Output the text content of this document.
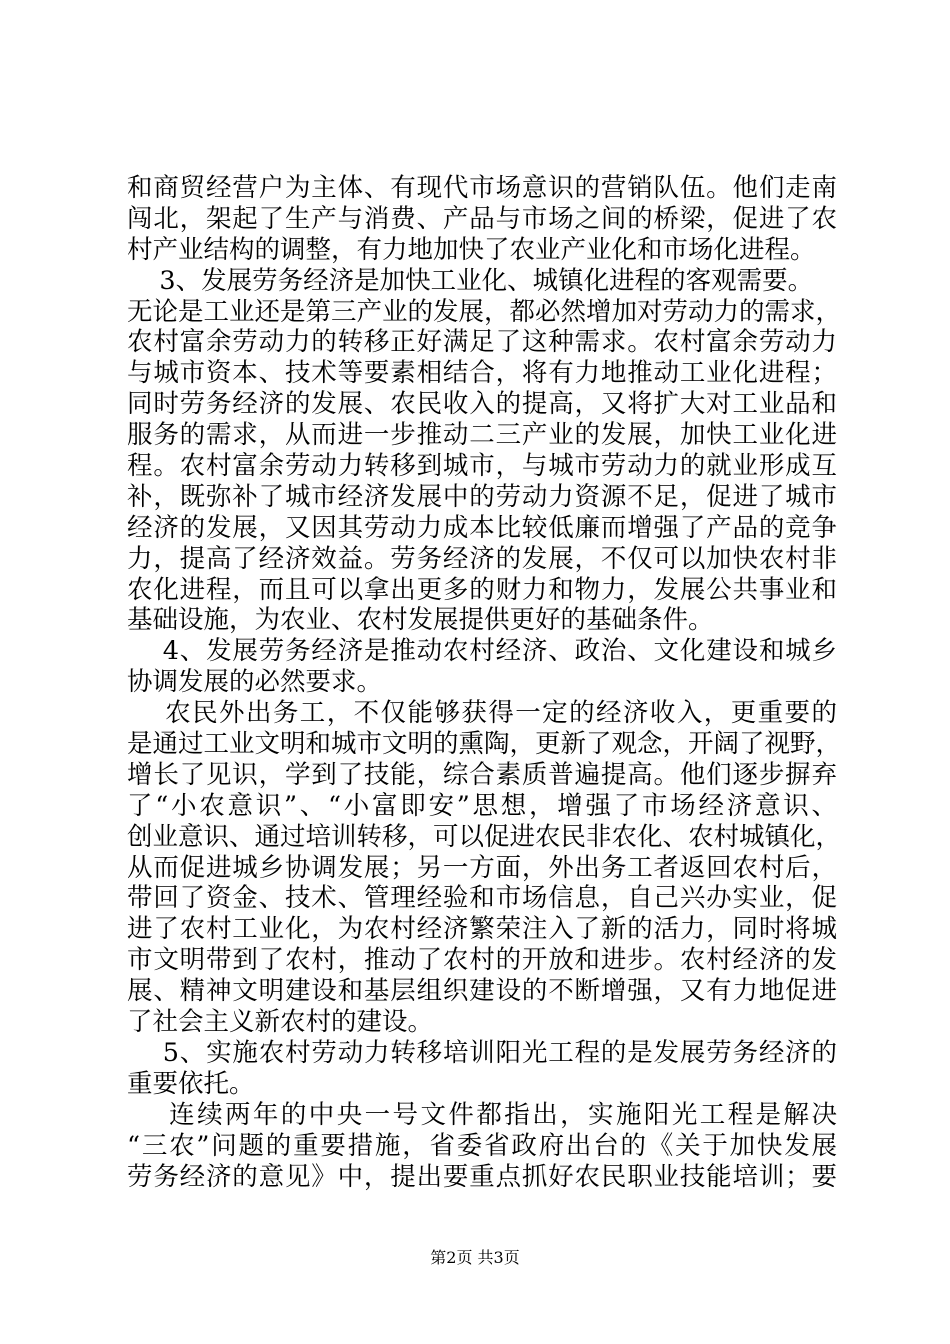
和商贸经营户为主体、有现代市场意识的营销队伍。他们走南
闯北，架起了生产与消费、产品与市场之间的桥梁，促进了农
村产业结构的调整，有力地加快了农业产业化和市场化进程。
3、发展劳务经济是加快工业化、城镇化进程的客观需要。
无论是工业还是第三产业的发展，都必然增加对劳动力的需求，
农村富余劳动力的转移正好满足了这种需求。农村富余劳动力
与城市资本、技术等要素相结合，将有力地推动工业化进程；
同时劳务经济的发展、农民收入的提高，又将扩大对工业品和
服务的需求，从而进一步推动二三产业的发展，加快工业化进
程。农村富余劳动力转移到城市，与城市劳动力的就业形成互
补，既弥补了城市经济发展中的劳动力资源不足，促进了城市
经济的发展，又因其劳动力成本比较低廉而增强了产品的竞争
力，提高了经济效益。劳务经济的发展，不仅可以加快农村非
农化进程，而且可以拿出更多的财力和物力，发展公共事业和
基础设施，为农业、农村发展提供更好的基础条件。
4、发展劳务经济是推动农村经济、政治、文化建设和城乡
协调发展的必然要求。
农民外出务工，不仅能够获得一定的经济收入，更重要的
是通过工业文明和城市文明的熏陶，更新了观念，开阔了视野，
增长了见识，学到了技能，综合素质普遍提高。他们逐步摒弃
了“小农意识”、“小富即安”思想，增强了市场经济意识、
创业意识、通过培训转移，可以促进农民非农化、农村城镇化，
从而促进城乡协调发展；另一方面，外出务工者返回农村后，
带回了资金、技术、管理经验和市场信息，自己兴办实业，促
进了农村工业化，为农村经济繁荣注入了新的活力，同时将城
市文明带到了农村，推动了农村的开放和进步。农村经济的发
展、精神文明建设和基层组织建设的不断增强，又有力地促进
了社会主义新农村的建设。
5、实施农村劳动力转移培训阳光工程的是发展劳务经济的
重要依托。
连续两年的中央一号文件都指出，实施阳光工程是解决
“三农”问题的重要措施，省委省政府出台的《关于加快发展
劳务经济的意见》中，提出要重点抓好农民职业技能培训；要
第2页 共3页
